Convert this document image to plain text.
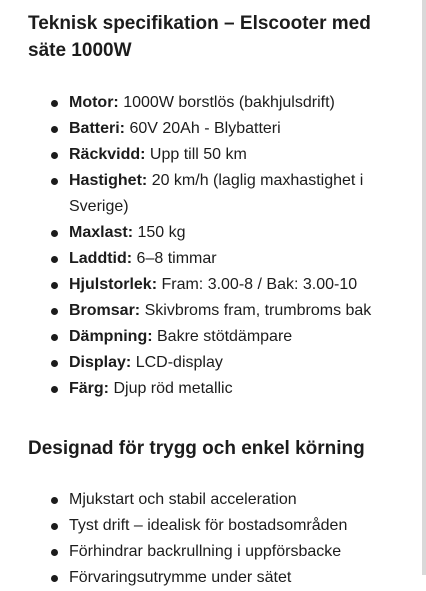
Teknisk specifikation – Elscooter med säte 1000W
Motor: 1000W borstlös (bakhjulsdrift)
Batteri: 60V 20Ah - Blybatteri
Räckvidd: Upp till 50 km
Hastighet: 20 km/h (laglig maxhastighet i Sverige)
Maxlast: 150 kg
Laddtid: 6–8 timmar
Hjulstorlek: Fram: 3.00-8 / Bak: 3.00-10
Bromsar: Skivbroms fram, trumbroms bak
Dämpning: Bakre stötdämpare
Display: LCD-display
Färg: Djup röd metallic
Designad för trygg och enkel körning
Mjukstart och stabil acceleration
Tyst drift – idealisk för bostadsområden
Förhindrar backrullning i uppförsbacke
Förvaringsutrymme under sätet
